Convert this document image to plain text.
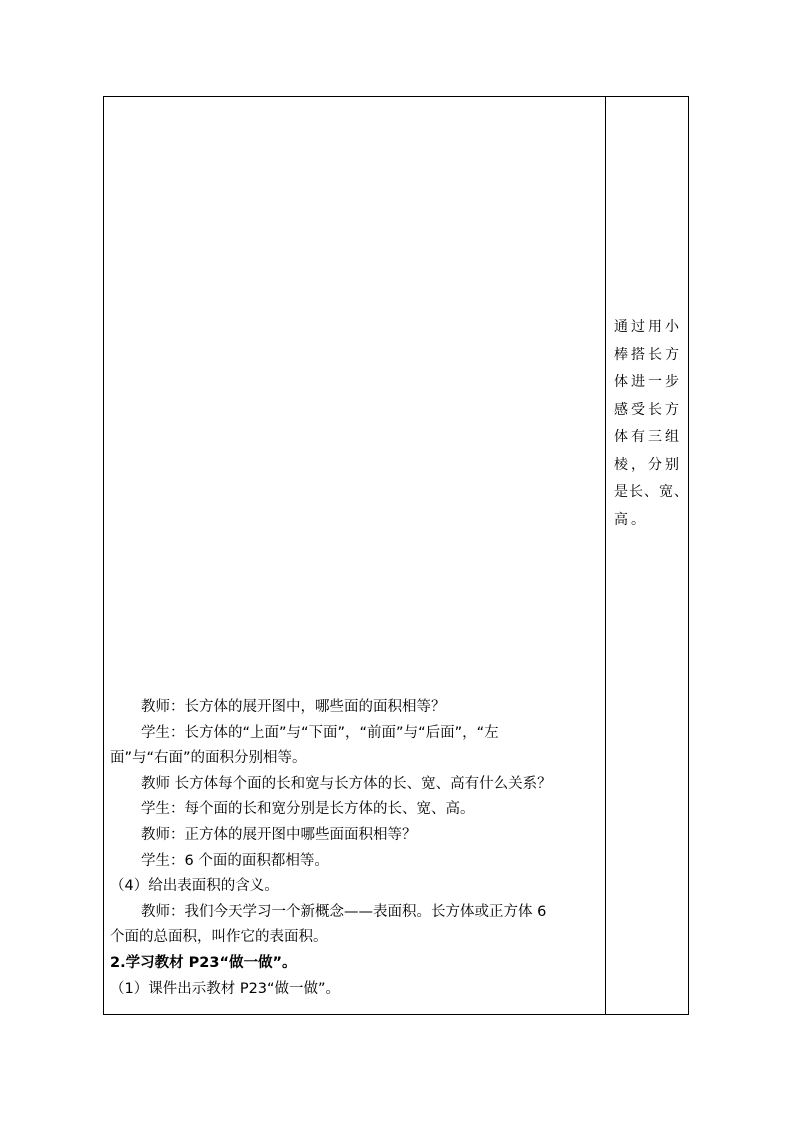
教师：长方体的展开图中，哪些面的面积相等？
学生：长方体的“上面”与“下面”，“前面”与“后面”，“左
面”与“右面”的面积分别相等。
教师 长方体每个面的长和宽与长方体的长、宽、高有什么关系？
学生：每个面的长和宽分别是长方体的长、宽、高。
教师：正方体的展开图中哪些面面积相等？
学生：6 个面的面积都相等。
（4）给出表面积的含义。
教师：我们今天学习一个新概念——表面积。长方体或正方体 6
个面的总面积，叫作它的表面积。
2.学习教材 P23“做一做”。
（1）课件出示教材 P23“做一做”。
通过用小
棒搭长方
体进一步
感受长方
体有三组
棱，分别
是长、宽、
高。
